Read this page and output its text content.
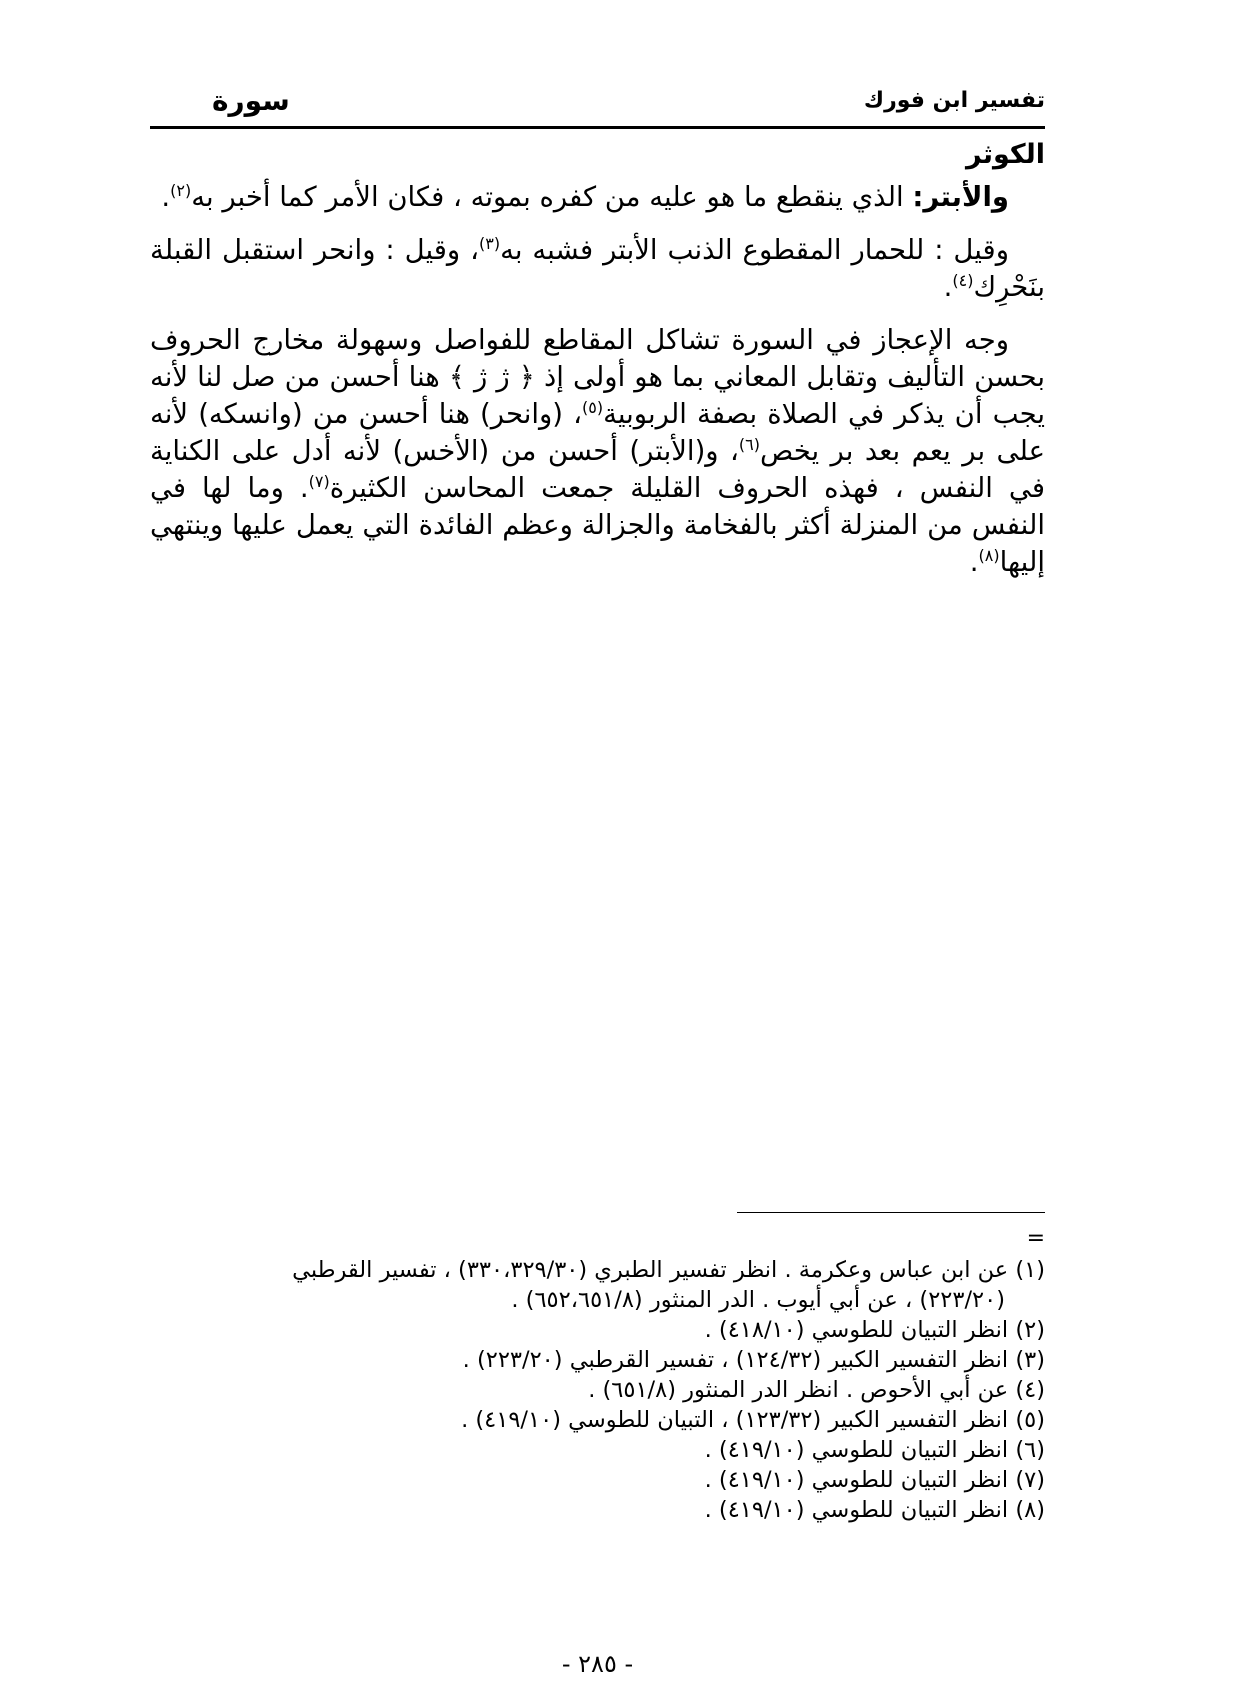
تفسير ابن فورك
سورة
الكوثر

والأبتر: الذي ينقطع ما هو عليه من كفره بموته ، فكان الأمر كما أخبر به$^{(٢)}$.

وقيل : للحمار المقطوع الذنب الأبتر فشبه به$^{(٣)}$، وقيل : وانحر استقبل القبلة بنَحْرِك$^{(٤)}$.

وجه الإعجاز في السورة تشاكل المقاطع للفواصل وسهولة مخارج الحروف بحسن التأليف وتقابل المعاني بما هو أولى إذ ﴿ ژ ژ ﴾ هنا أحسن من صل لنا لأنه يجب أن يذكر في الصلاة بصفة الربوبية$^{(٥)}$، (وانحر) هنا أحسن من (وانسكه) لأنه على بر يعم بعد بر يخص$^{(٦)}$، و(الأبتر) أحسن من (الأخس) لأنه أدل على الكناية في النفس ، فهذه الحروف القليلة جمعت المحاسن الكثيرة$^{(٧)}$. وما لها في النفس من المنزلة أكثر بالفخامة والجزالة وعظم الفائدة التي يعمل عليها وينتهي إليها$^{(٨)}$.

=

(١) عن ابن عباس وعكرمة . انظر تفسير الطبري (٣٣٠،٣٢٩/٣٠) ، تفسير القرطبي

(٢٢٣/٢٠) ، عن أبي أيوب . الدر المنثور (٦٥٢،٦٥١/٨) .

(٢) انظر التبيان للطوسي (٤١٨/١٠) .

(٣) انظر التفسير الكبير (١٢٤/٣٢) ، تفسير القرطبي (٢٢٣/٢٠) .

(٤) عن أبي الأحوص . انظر الدر المنثور (٦٥١/٨) .

(٥) انظر التفسير الكبير (١٢٣/٣٢) ، التبيان للطوسي (٤١٩/١٠) .

(٦) انظر التبيان للطوسي (٤١٩/١٠) .

(٧) انظر التبيان للطوسي (٤١٩/١٠) .

(٨) انظر التبيان للطوسي (٤١٩/١٠) .

- ٢٨٥ -
